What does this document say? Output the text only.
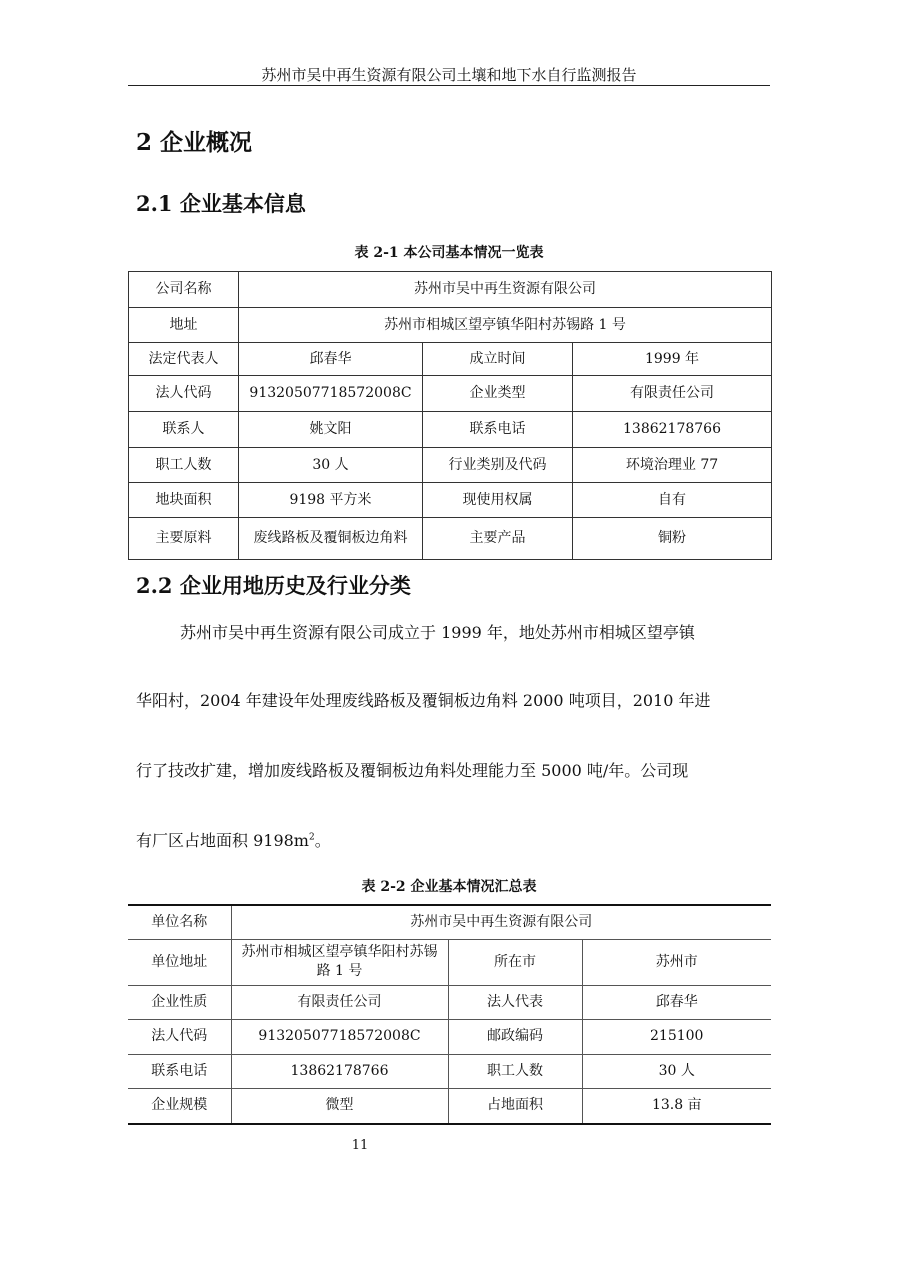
苏州市吴中再生资源有限公司土壤和地下水自行监测报告
2 企业概况
2.1 企业基本信息
表 2-1 本公司基本情况一览表
公司名称	苏州市吴中再生资源有限公司		
地址	苏州市相城区望亭镇华阳村苏锡路 1 号		
法定代表人	邱春华	成立时间	1999 年
法人代码	91320507718572008C	企业类型	有限责任公司
联系人	姚文阳	联系电话	13862178766
职工人数	30 人	行业类别及代码	环境治理业 77
地块面积	9198 平方米	现使用权属	自有
主要原料	废线路板及覆铜板边角料	主要产品	铜粉
2.2 企业用地历史及行业分类
苏州市吴中再生资源有限公司成立于 1999 年，地处苏州市相城区望亭镇
华阳村，2004 年建设年处理废线路板及覆铜板边角料 2000 吨项目，2010 年进
行了技改扩建，增加废线路板及覆铜板边角料处理能力至 5000 吨/年。公司现
有厂区占地面积 $9198m^2$。
表 2-2 企业基本情况汇总表
单位名称	苏州市吴中再生资源有限公司		
单位地址	苏州市相城区望亭镇华阳村苏锡路 1 号	所在市	苏州市
企业性质	有限责任公司	法人代表	邱春华
法人代码	91320507718572008C	邮政编码	215100
联系电话	13862178766	职工人数	30 人
企业规模	微型	占地面积	13.8 亩
11
